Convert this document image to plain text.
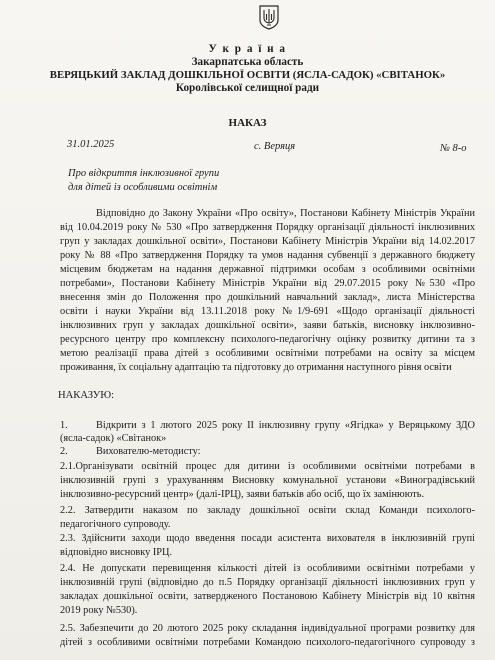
У к р а ї н а
Закарпатська область
ВЕРЯЦЬКИЙ ЗАКЛАД ДОШКІЛЬНОЇ ОСВІТИ (ЯСЛА-САДОК) «СВІТАНОК»
Королівської селищної ради
НАКАЗ
31.01.2025	с. Веряця	№ 8-о
Про відкриття інклюзивної групи
для дітей із особливими освітнім
Відповідно до Закону України «Про освіту», Постанови Кабінету Міністрів України
від 10.04.2019 року № 530 «Про затвердження Порядку організації діяльності інклюзивних
груп у закладах дошкільної освіти», Постанови Кабінету Міністрів України від 14.02.2017
року № 88 «Про затвердження Порядку та умов надання субвенції з державного бюджету
місцевим бюджетам на надання державної підтримки особам з особливими освітніми
потребами», Постанови Кабінету Міністрів України від 29.07.2015 року №530 «Про
внесення змін до Положення про дошкільний навчальний заклад», листа Міністерства
освіти і науки України від 13.11.2018 року №1/9-691 «Щодо організації діяльності
інклюзивних груп у закладах дошкільної освіти», заяви батьків, висновку інклюзивно-
ресурсного центру про комплексну психолого-педагогічну оцінку розвитку дитини та з
метою реалізації права дітей з особливими освітніми потребами на освіту за місцем
проживання, їх соціальну адаптацію та підготовку до отримання наступного рівня освіти
НАКАЗУЮ:
1.	Відкрити з 1 лютого 2025 року ІІ інклюзивну групу «Ягідка» у Веряцькому ЗДО
(ясла-садок) «Світанок»
2.	Вихователю-методисту:
2.1.Організувати освітній процес для дитини із особливими освітніми потребами в
інклюзивній групі з урахуванням Висновку комунальної установи «Виноградівський
інклюзивно-ресурсний центр» (далі-ІРЦ), заяви батьків або осіб, що їх замінюють.
2.2. Затвердити наказом по закладу дошкільної освіти склад Команди психолого-
педагогічного супроводу.
2.3. Здійснити заходи щодо введення посади асистента вихователя в інклюзивній групі
відповідно висновку ІРЦ.
2.4. Не допускати перевищення кількості дітей із особливими освітніми потребами у
інклюзивній групі (відповідно до п.5 Порядку організації діяльності інклюзивних груп у
закладах дошкільної освіти, затвердженого Постановою Кабінету Міністрів від 10 квітня
2019 року №530).
2.5. Забезпечити до 20 лютого 2025 року складання індивідуальної програми розвитку для
дітей з особливими освітніми потребами Командою психолого-педагогічного супроводу з
